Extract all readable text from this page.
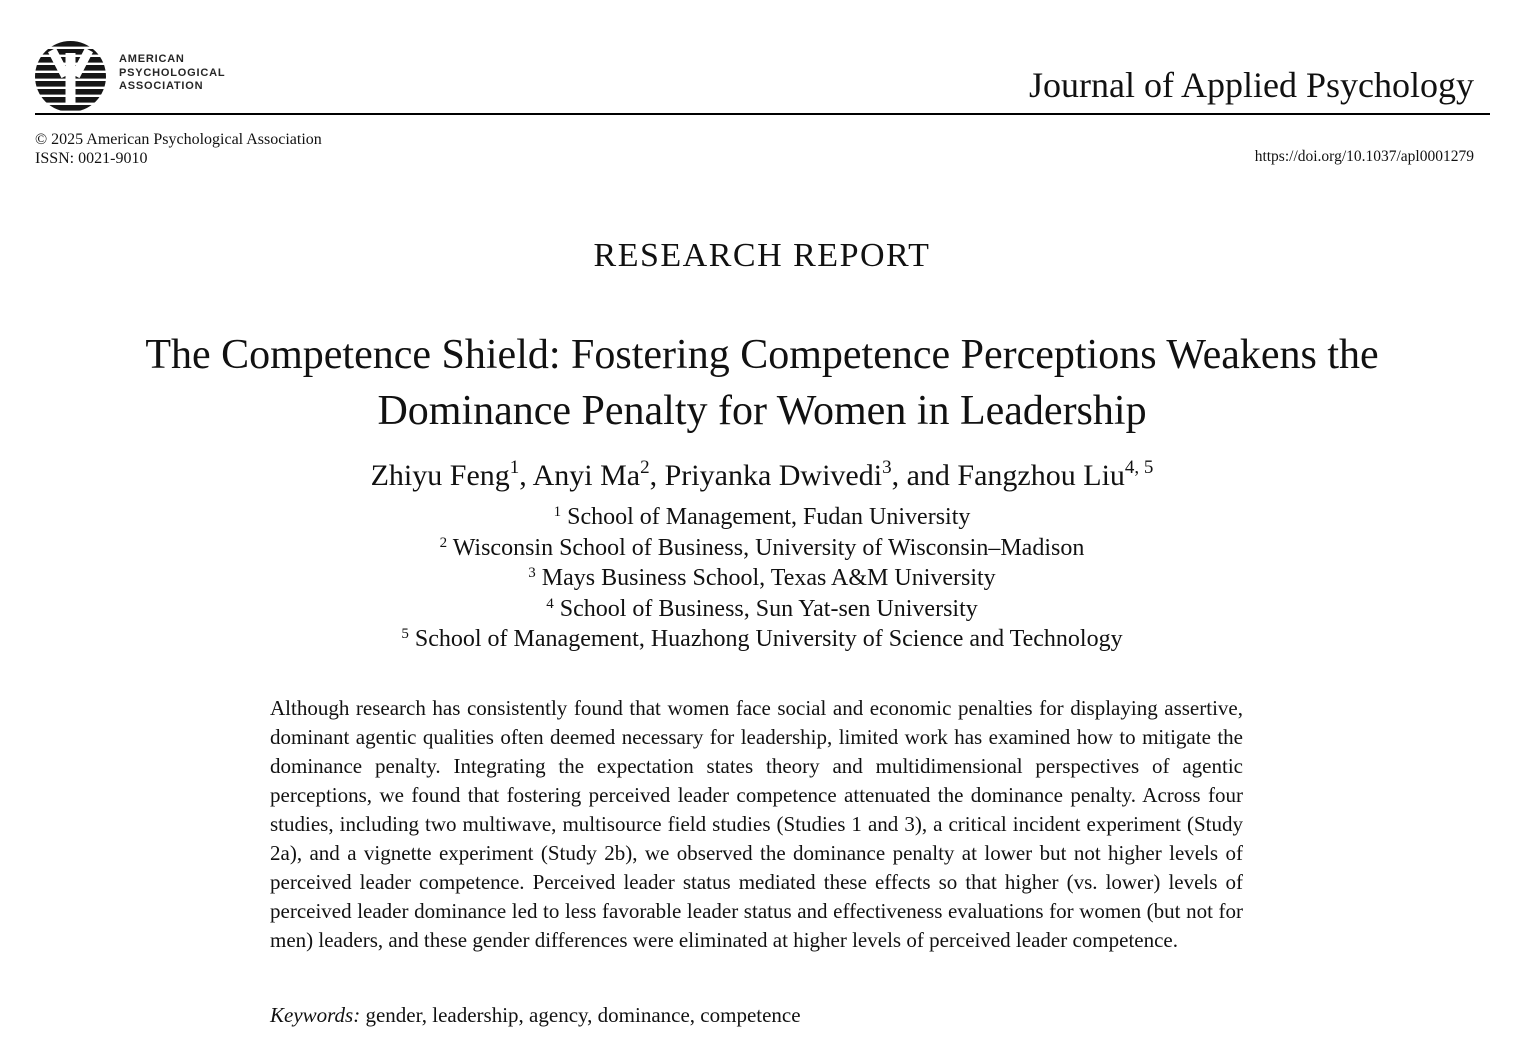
AMERICAN
PSYCHOLOGICAL
ASSOCIATION	Journal of Applied Psychology
© 2025 American Psychological Association
ISSN: 0021-9010	https://doi.org/10.1037/apl0001279
RESEARCH REPORT
The Competence Shield: Fostering Competence Perceptions Weakens the
Dominance Penalty for Women in Leadership
Zhiyu Feng$^1$, Anyi Ma$^2$, Priyanka Dwivedi$^3$, and Fangzhou Liu$^{4, 5}$
$^1$ School of Management, Fudan University
$^2$ Wisconsin School of Business, University of Wisconsin–Madison
$^3$ Mays Business School, Texas A&M University
$^4$ School of Business, Sun Yat-sen University
$^5$ School of Management, Huazhong University of Science and Technology

Although research has consistently found that women face social and economic penalties for displaying assertive, dominant agentic qualities often deemed necessary for leadership, limited work has examined how to mitigate the dominance penalty. Integrating the expectation states theory and multidimensional perspectives of agentic perceptions, we found that fostering perceived leader competence attenuated the dominance penalty. Across four studies, including two multiwave, multisource field studies (Studies 1 and 3), a critical incident experiment (Study 2a), and a vignette experiment (Study 2b), we observed the dominance penalty at lower but not higher levels of perceived leader competence. Perceived leader status mediated these effects so that higher (vs. lower) levels of perceived leader dominance led to less favorable leader status and effectiveness evaluations for women (but not for men) leaders, and these gender differences were eliminated at higher levels of perceived leader competence.

Keywords: gender, leadership, agency, dominance, competence
